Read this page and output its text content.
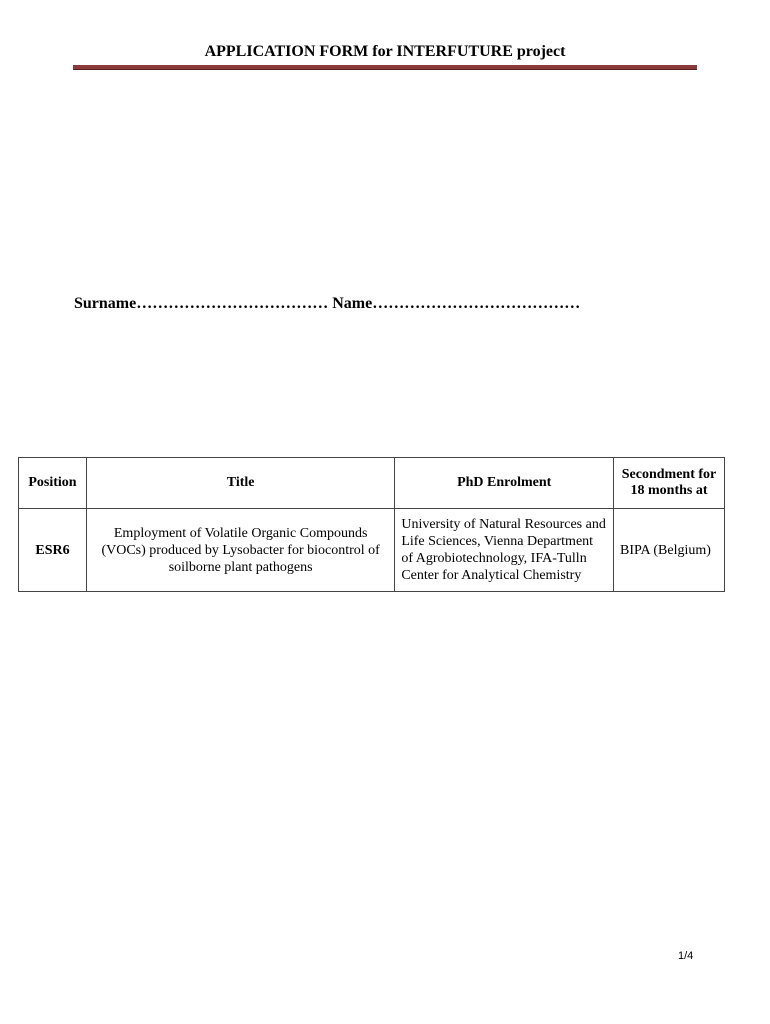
APPLICATION FORM for INTERFUTURE project
Surname……………………………… Name…………………………………
Position	Title	PhD Enrolment	Secondment for 18 months at
ESR6	Employment of Volatile Organic Compounds (VOCs) produced by Lysobacter for biocontrol of soilborne plant pathogens	University of Natural Resources and Life Sciences, Vienna Department of Agrobiotechnology, IFA-Tulln Center for Analytical Chemistry	BIPA (Belgium)
1/4
